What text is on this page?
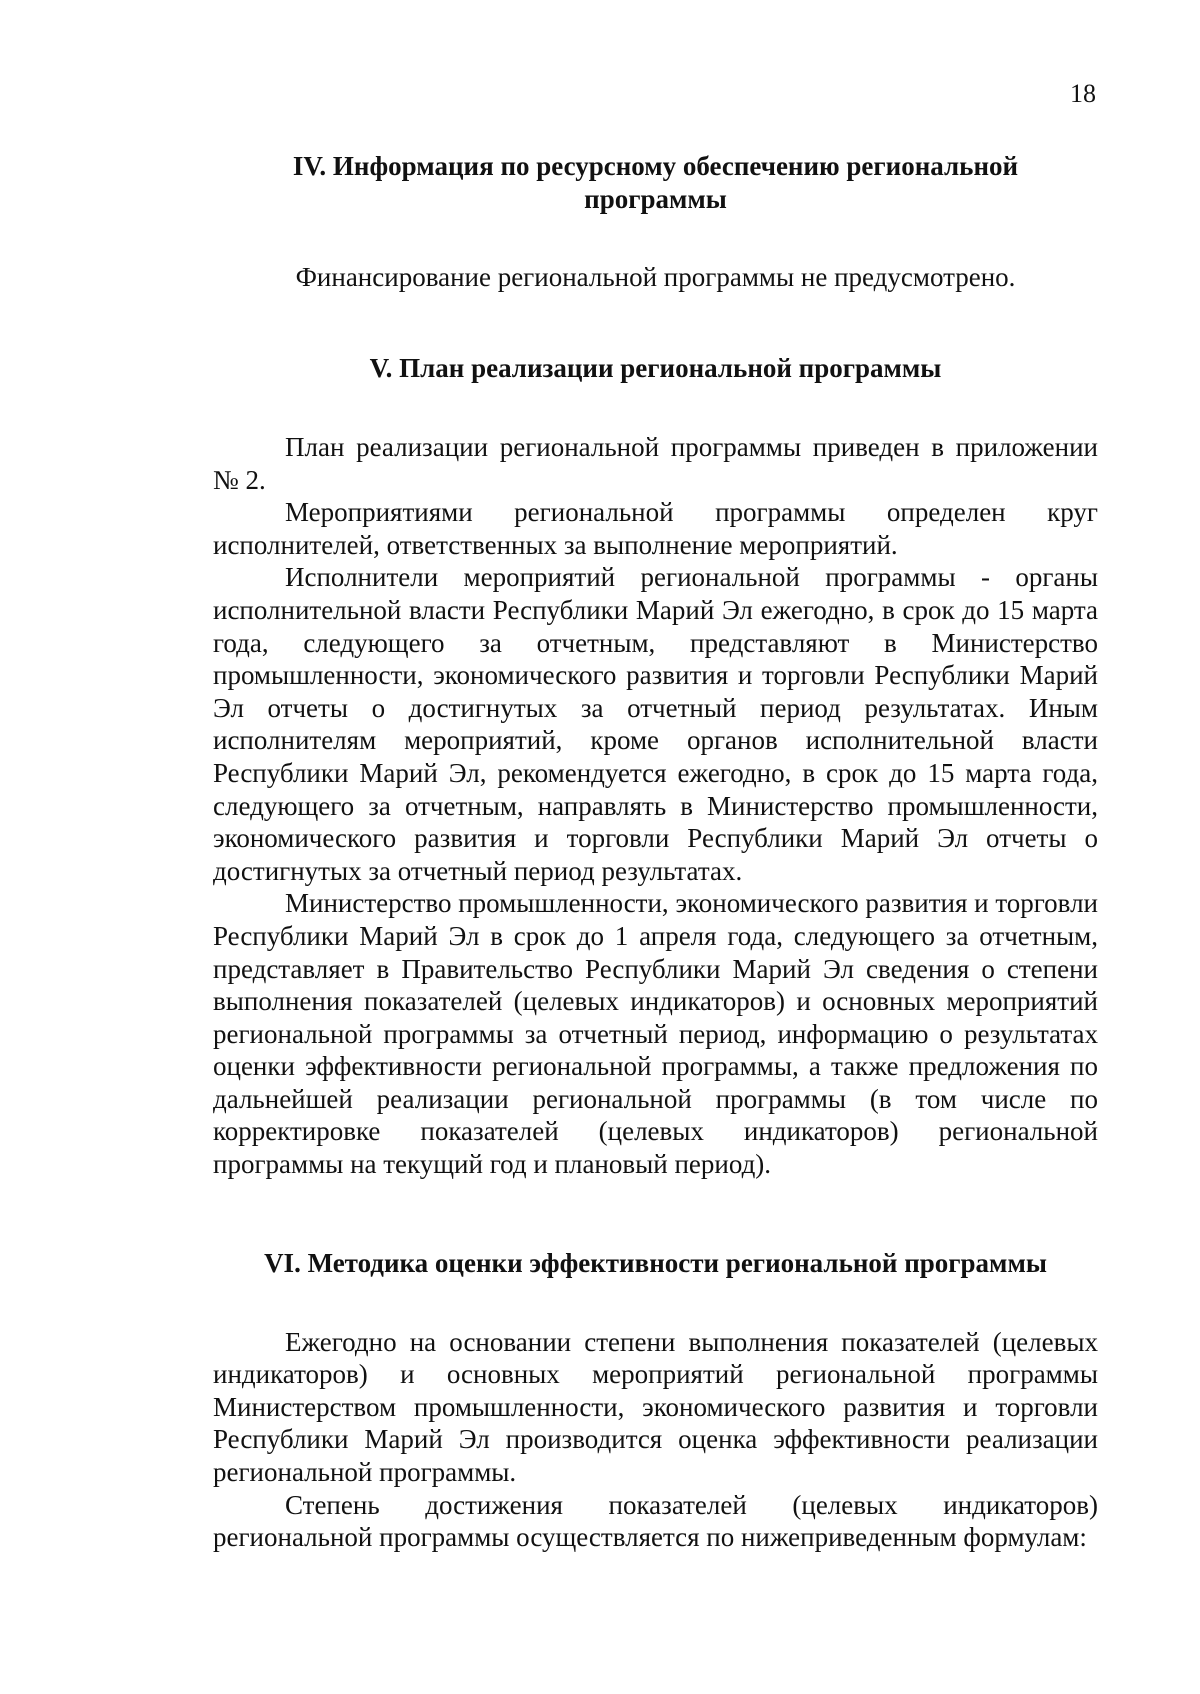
18
IV. Информация по ресурсному обеспечению региональной
программы

Финансирование региональной программы не предусмотрено.

V. План реализации региональной программы

План реализации региональной программы приведен в приложении № 2.

Мероприятиями региональной программы определен круг исполнителей, ответственных за выполнение мероприятий.

Исполнители мероприятий региональной программы - органы исполнительной власти Республики Марий Эл ежегодно, в срок до 15 марта года, следующего за отчетным, представляют в Министерство промышленности, экономического развития и торговли Республики Марий Эл отчеты о достигнутых за отчетный период результатах. Иным исполнителям мероприятий, кроме органов исполнительной власти Республики Марий Эл, рекомендуется ежегодно, в срок до 15 марта года, следующего за отчетным, направлять в Министерство промышленности, экономического развития и торговли Республики Марий Эл отчеты о достигнутых за отчетный период результатах.

Министерство промышленности, экономического развития и торговли Республики Марий Эл в срок до 1 апреля года, следующего за отчетным, представляет в Правительство Республики Марий Эл сведения о степени выполнения показателей (целевых индикаторов) и основных мероприятий региональной программы за отчетный период, информацию о результатах оценки эффективности региональной программы, а также предложения по дальнейшей реализации региональной программы (в том числе по корректировке показателей (целевых индикаторов) региональной программы на текущий год и плановый период).

VI. Методика оценки эффективности региональной программы

Ежегодно на основании степени выполнения показателей (целевых индикаторов) и основных мероприятий региональной программы Министерством промышленности, экономического развития и торговли Республики Марий Эл производится оценка эффективности реализации региональной программы.

Степень достижения показателей (целевых индикаторов) региональной программы осуществляется по нижеприведенным формулам:
